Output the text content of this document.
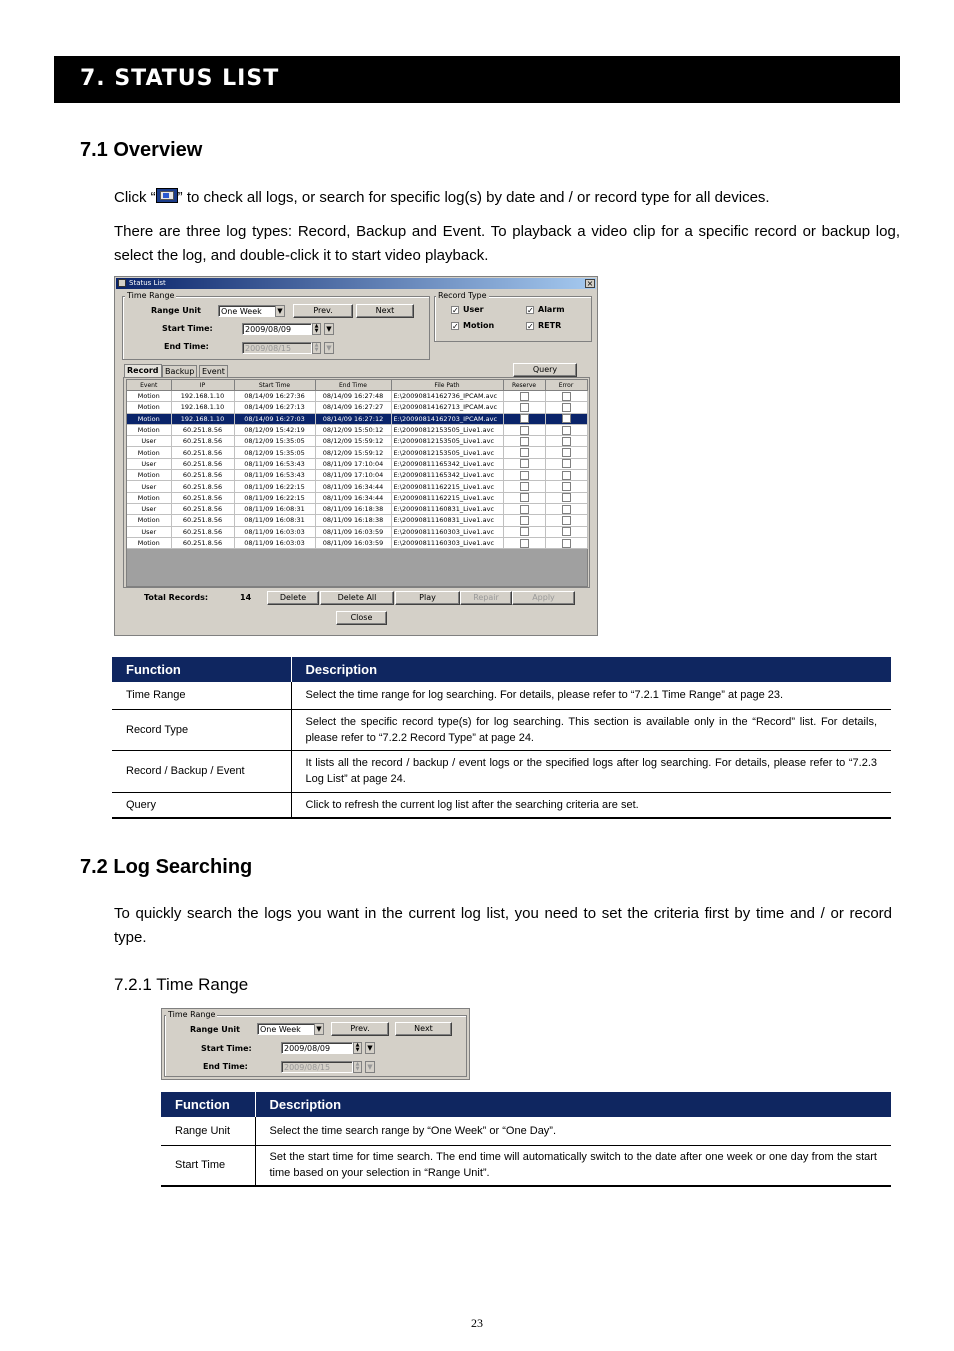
7. STATUS LIST
7.1 Overview
Click “ ” to check all logs, or search for specific log(s) by date and / or record type for all devices.
There are three log types: Record, Backup and Event. To playback a video clip for a specific record or backup log, select the log, and double-click it to start video playback.
Status List	×
Time Range
Range Unit	One Week	▼	Prev.	Next
Start Time:	2009/08/09	▲
▼	▼
End Time:	2009/08/15	▲
▼	▼
Record Type
✓ User	✓ Alarm
✓ Motion	✓ RETR
Record Backup Event	Query
Event	IP	Start Time	End Time	File Path	Reserve	Error
Motion	192.168.1.10	08/14/09 16:27:36	08/14/09 16:27:48	E:\20090814162736_IPCAM.avc		
Motion	192.168.1.10	08/14/09 16:27:13	08/14/09 16:27:27	E:\20090814162713_IPCAM.avc		
Motion	192.168.1.10	08/14/09 16:27:03	08/14/09 16:27:12	E:\20090814162703_IPCAM.avc		
Motion	60.251.8.56	08/12/09 15:42:19	08/12/09 15:50:12	E:\20090812153505_Live1.avc		
User	60.251.8.56	08/12/09 15:35:05	08/12/09 15:59:12	E:\20090812153505_Live1.avc		
Motion	60.251.8.56	08/12/09 15:35:05	08/12/09 15:59:12	E:\20090812153505_Live1.avc		
User	60.251.8.56	08/11/09 16:53:43	08/11/09 17:10:04	E:\20090811165342_Live1.avc		
Motion	60.251.8.56	08/11/09 16:53:43	08/11/09 17:10:04	E:\20090811165342_Live1.avc		
User	60.251.8.56	08/11/09 16:22:15	08/11/09 16:34:44	E:\20090811162215_Live1.avc		
Motion	60.251.8.56	08/11/09 16:22:15	08/11/09 16:34:44	E:\20090811162215_Live1.avc		
User	60.251.8.56	08/11/09 16:08:31	08/11/09 16:18:38	E:\20090811160831_Live1.avc		
Motion	60.251.8.56	08/11/09 16:08:31	08/11/09 16:18:38	E:\20090811160831_Live1.avc		
User	60.251.8.56	08/11/09 16:03:03	08/11/09 16:03:59	E:\20090811160303_Live1.avc		
Motion	60.251.8.56	08/11/09 16:03:03	08/11/09 16:03:59	E:\20090811160303_Live1.avc		
Total Records:	14	Delete	Delete All	Play	Repair	Apply
Close
Function	Description
Time Range	Select the time range for log searching. For details, please refer to “7.2.1 Time Range” at page 23.
Record Type	Select the specific record type(s) for log searching. This section is available only in the “Record” list. For details, please refer to “7.2.2 Record Type” at page 24.
Record / Backup / Event	It lists all the record / backup / event logs or the specified logs after log searching. For details, please refer to “7.2.3 Log List” at page 24.
Query	Click to refresh the current log list after the searching criteria are set.
7.2 Log Searching
To quickly search the logs you want in the current log list, you need to set the criteria first by time and / or record type.
7.2.1 Time Range
Time Range
Range Unit	One Week	▼	Prev.	Next
Start Time:	2009/08/09	▲
▼	▼
End Time:	2009/08/15	▲
▼	▼
Function	Description
Range Unit	Select the time search range by “One Week” or “One Day”.
Start Time	Set the start time for time search. The end time will automatically switch to the date after one week or one day from the start time based on your selection in “Range Unit”.
23
